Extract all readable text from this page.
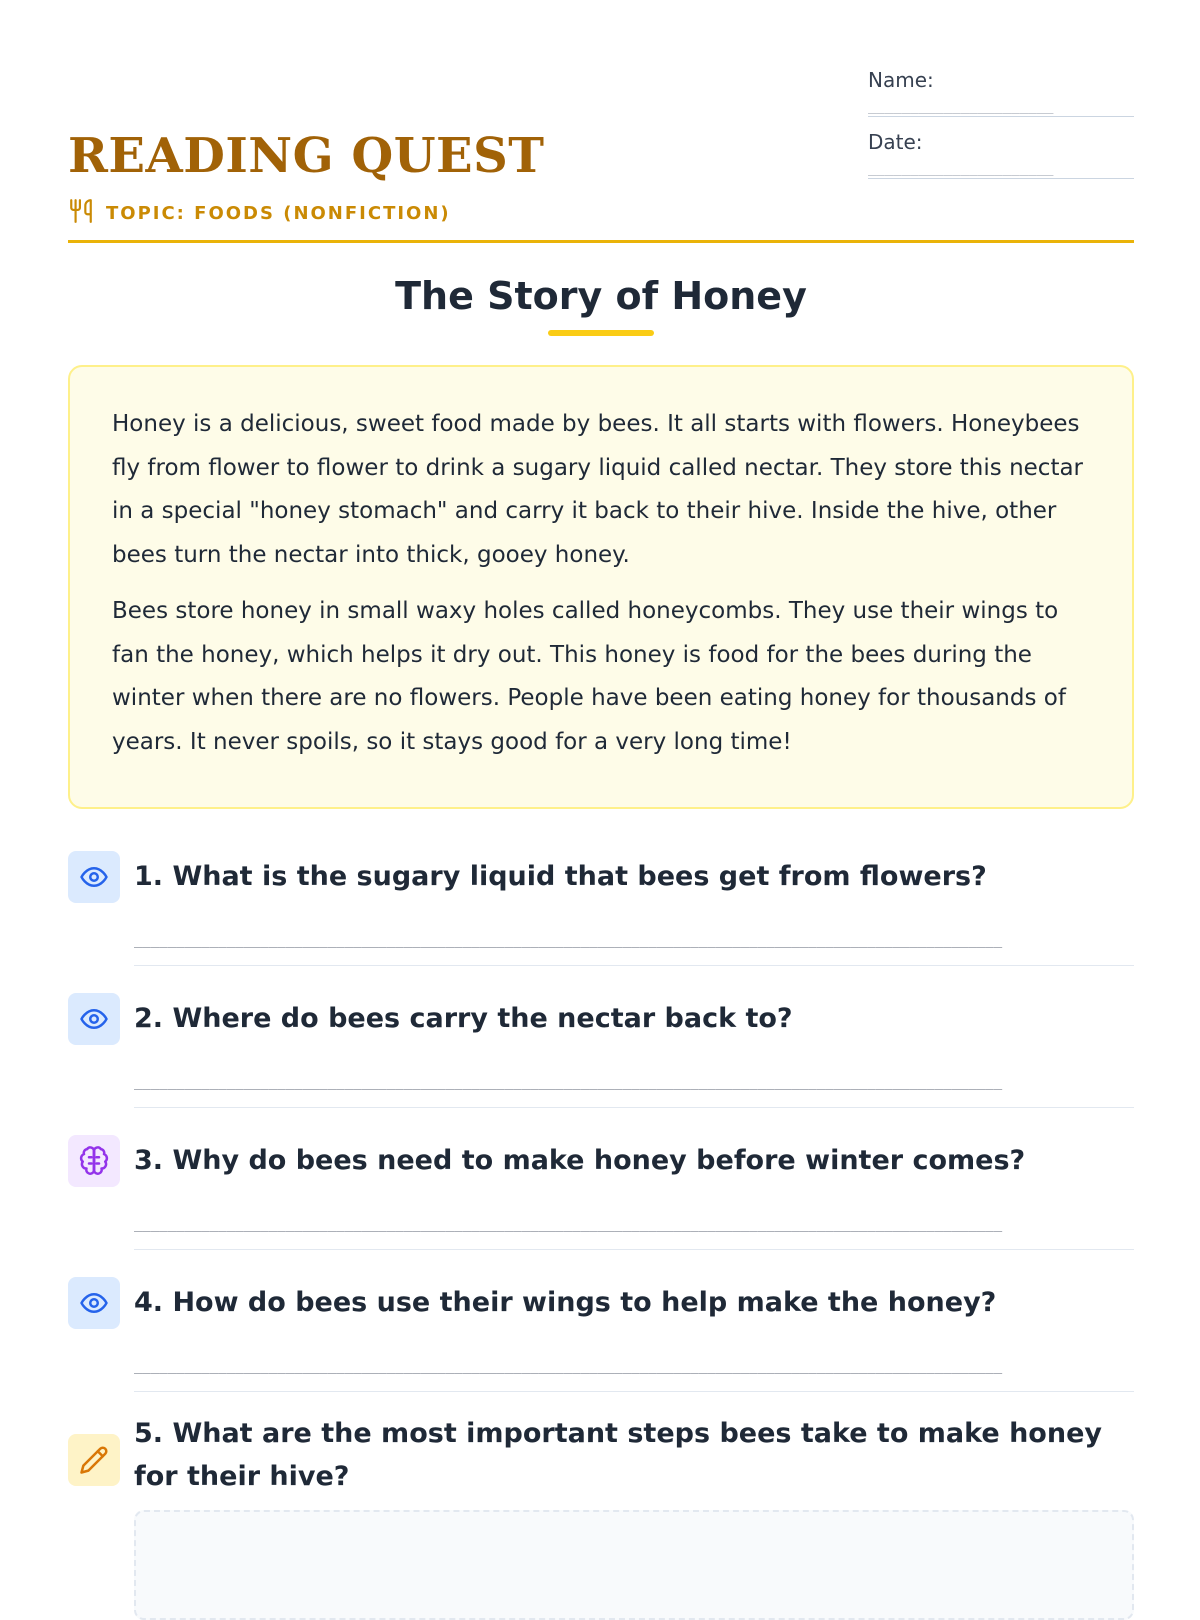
READING QUEST
TOPIC: FOODS (NONFICTION)
Name:
______________________
Date:
______________________
The Story of Honey

Honey is a delicious, sweet food made by bees. It all starts with flowers. Honeybees fly from flower to flower to drink a sugary liquid called nectar. They store this nectar in a special "honey stomach" and carry it back to their hive. Inside the hive, other bees turn the nectar into thick, gooey honey.

Bees store honey in small waxy holes called honeycombs. They use their wings to fan the honey, which helps it dry out. This honey is food for the bees during the winter when there are no flowers. People have been eating honey for thousands of years. It never spoils, so it stays good for a very long time!

1. What is the sugary liquid that bees get from flowers?
_______________________________________________________________________________________________________
2. Where do bees carry the nectar back to?
_______________________________________________________________________________________________________
3. Why do bees need to make honey before winter comes?
_______________________________________________________________________________________________________
4. How do bees use their wings to help make the honey?
_______________________________________________________________________________________________________
5. What are the most important steps bees take to make honey for their hive?
